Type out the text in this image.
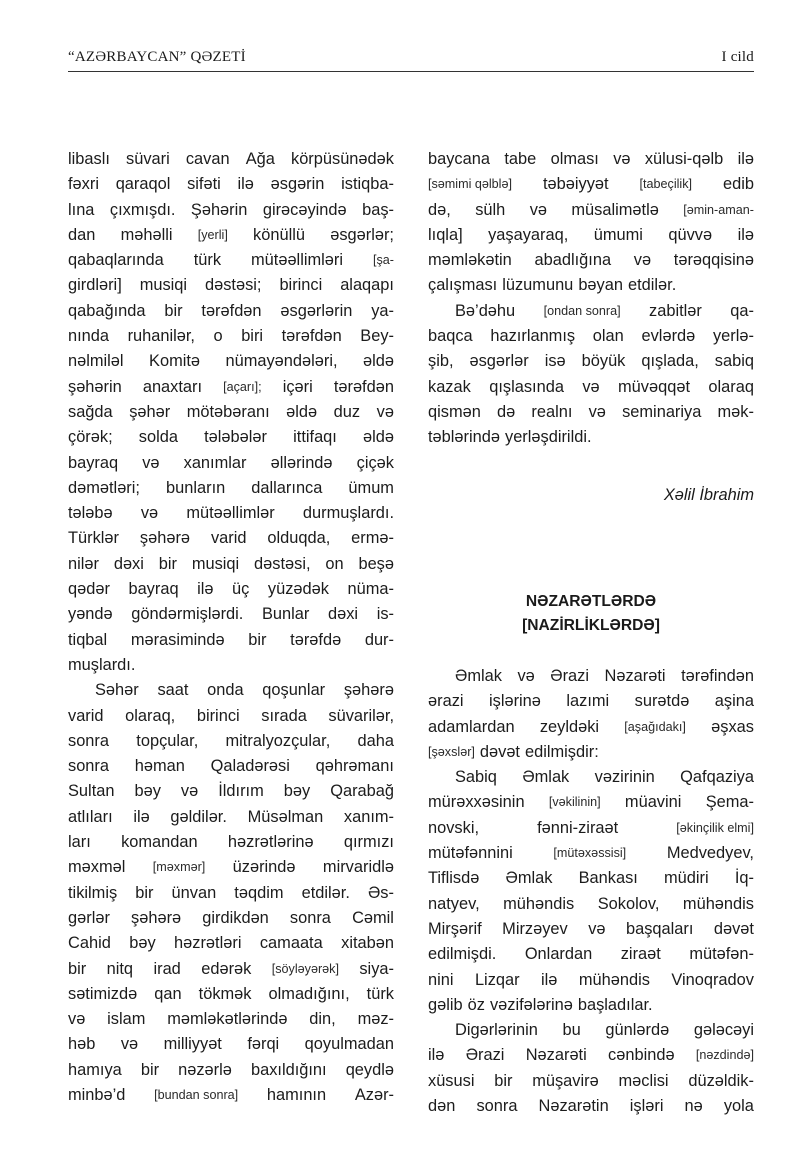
“AZƏRBAYCAN” QƏZETİ	I cild
libaslı süvari cavan Ağa körpüsünədək
fəxri qaraqol sifəti ilə əsgərin istiqba-
lına çıxmışdı. Şəhərin girəcəyində baş-
dan məhəlli [yerli] könüllü əsgərlər;
qabaqlarında türk mütəəllimləri [şa-
girdləri] musiqi dəstəsi; birinci alaqapı
qabağında bir tərəfdən əsgərlərin ya-
nında ruhanilər, o biri tərəfdən Bey-
nəlmiləl Komitə nümayəndələri, əldə
şəhərin anaxtarı [açarı]; içəri tərəfdən
sağda şəhər mötəbəranı əldə duz və
çörək; solda tələbələr ittifaqı əldə
bayraq və xanımlar əllərində çiçək
dəmətləri; bunların dallarınca ümum
tələbə və mütəəllimlər durmuşlardı.
Türklər şəhərə varid olduqda, ermə-
nilər dəxi bir musiqi dəstəsi, on beşə
qədər bayraq ilə üç yüzədək nüma-
yəndə göndərmişlərdi. Bunlar dəxi is-
tiqbal mərasimində bir tərəfdə dur-
muşlardı.
Səhər saat onda qoşunlar şəhərə
varid olaraq, birinci sırada süvarilər,
sonra topçular, mitralyozçular, daha
sonra həman Qaladərəsi qəhrəmanı
Sultan bəy və İldırım bəy Qarabağ
atlıları ilə gəldilər. Müsəlman xanım-
ları komandan həzrətlərinə qırmızı
məxməl [məxmər] üzərində mirvaridlə
tikilmiş bir ünvan təqdim etdilər. Əs-
gərlər şəhərə girdikdən sonra Cəmil
Cahid bəy həzrətləri camaata xitabən
bir nitq irad edərək [söyləyərək] siya-
sətimizdə qan tökmək olmadığını, türk
və islam məmləkətlərində din, məz-
həb və milliyyət fərqi qoyulmadan
hamıya bir nəzərlə baxıldığını qeydlə
minbə’d [bundan sonra] hamının Azər-
baycana tabe olması və xülusi-qəlb ilə
[səmimi qəlblə] təbəiyyət [tabeçilik] edib
də, sülh və müsalimətlə [əmin-aman-
lıqla] yaşayaraq, ümumi qüvvə ilə
məmləkətin abadlığına və tərəqqisinə
çalışması lüzumunu bəyan etdilər.
Bə’dəhu [ondan sonra] zabitlər qa-
baqca hazırlanmış olan evlərdə yerlə-
şib, əsgərlər isə böyük qışlada, sabiq
kazak qışlasında və müvəqqət olaraq
qismən də realnı və seminariya mək-
təblərində yerləşdirildi.
Xəlil İbrahim
NƏZARƏTLƏRDƏ
[NAZİRLİKLƏRDƏ]
Əmlak və Ərazi Nəzarəti tərəfindən
ərazi işlərinə lazımi surətdə aşina
adamlardan zeyldəki [aşağıdakı] əşxas
[şəxslər] dəvət edilmişdir:
Sabiq Əmlak vəzirinin Qafqaziya
mürəxxəsinin [vəkilinin] müavini Şema-
novski,	fənni-ziraət	[əkinçilik elmi]
mütəfənnini	[mütəxəssisi] Medvedyev,
Tiflisdə Əmlak Bankası müdiri İq-
natyev, mühəndis Sokolov, mühəndis
Mirşərif Mirzəyev və başqaları dəvət
edilmişdi. Onlardan ziraət mütəfən-
nini Lizqar ilə mühəndis Vinoqradov
gəlib öz vəzifələrinə başladılar.
Digərlərinin bu günlərdə gələcəyi
ilə Ərazi Nəzarəti cənbində [nəzdində]
xüsusi bir müşavirə məclisi düzəldik-
dən sonra Nəzarətin işləri nə yola
